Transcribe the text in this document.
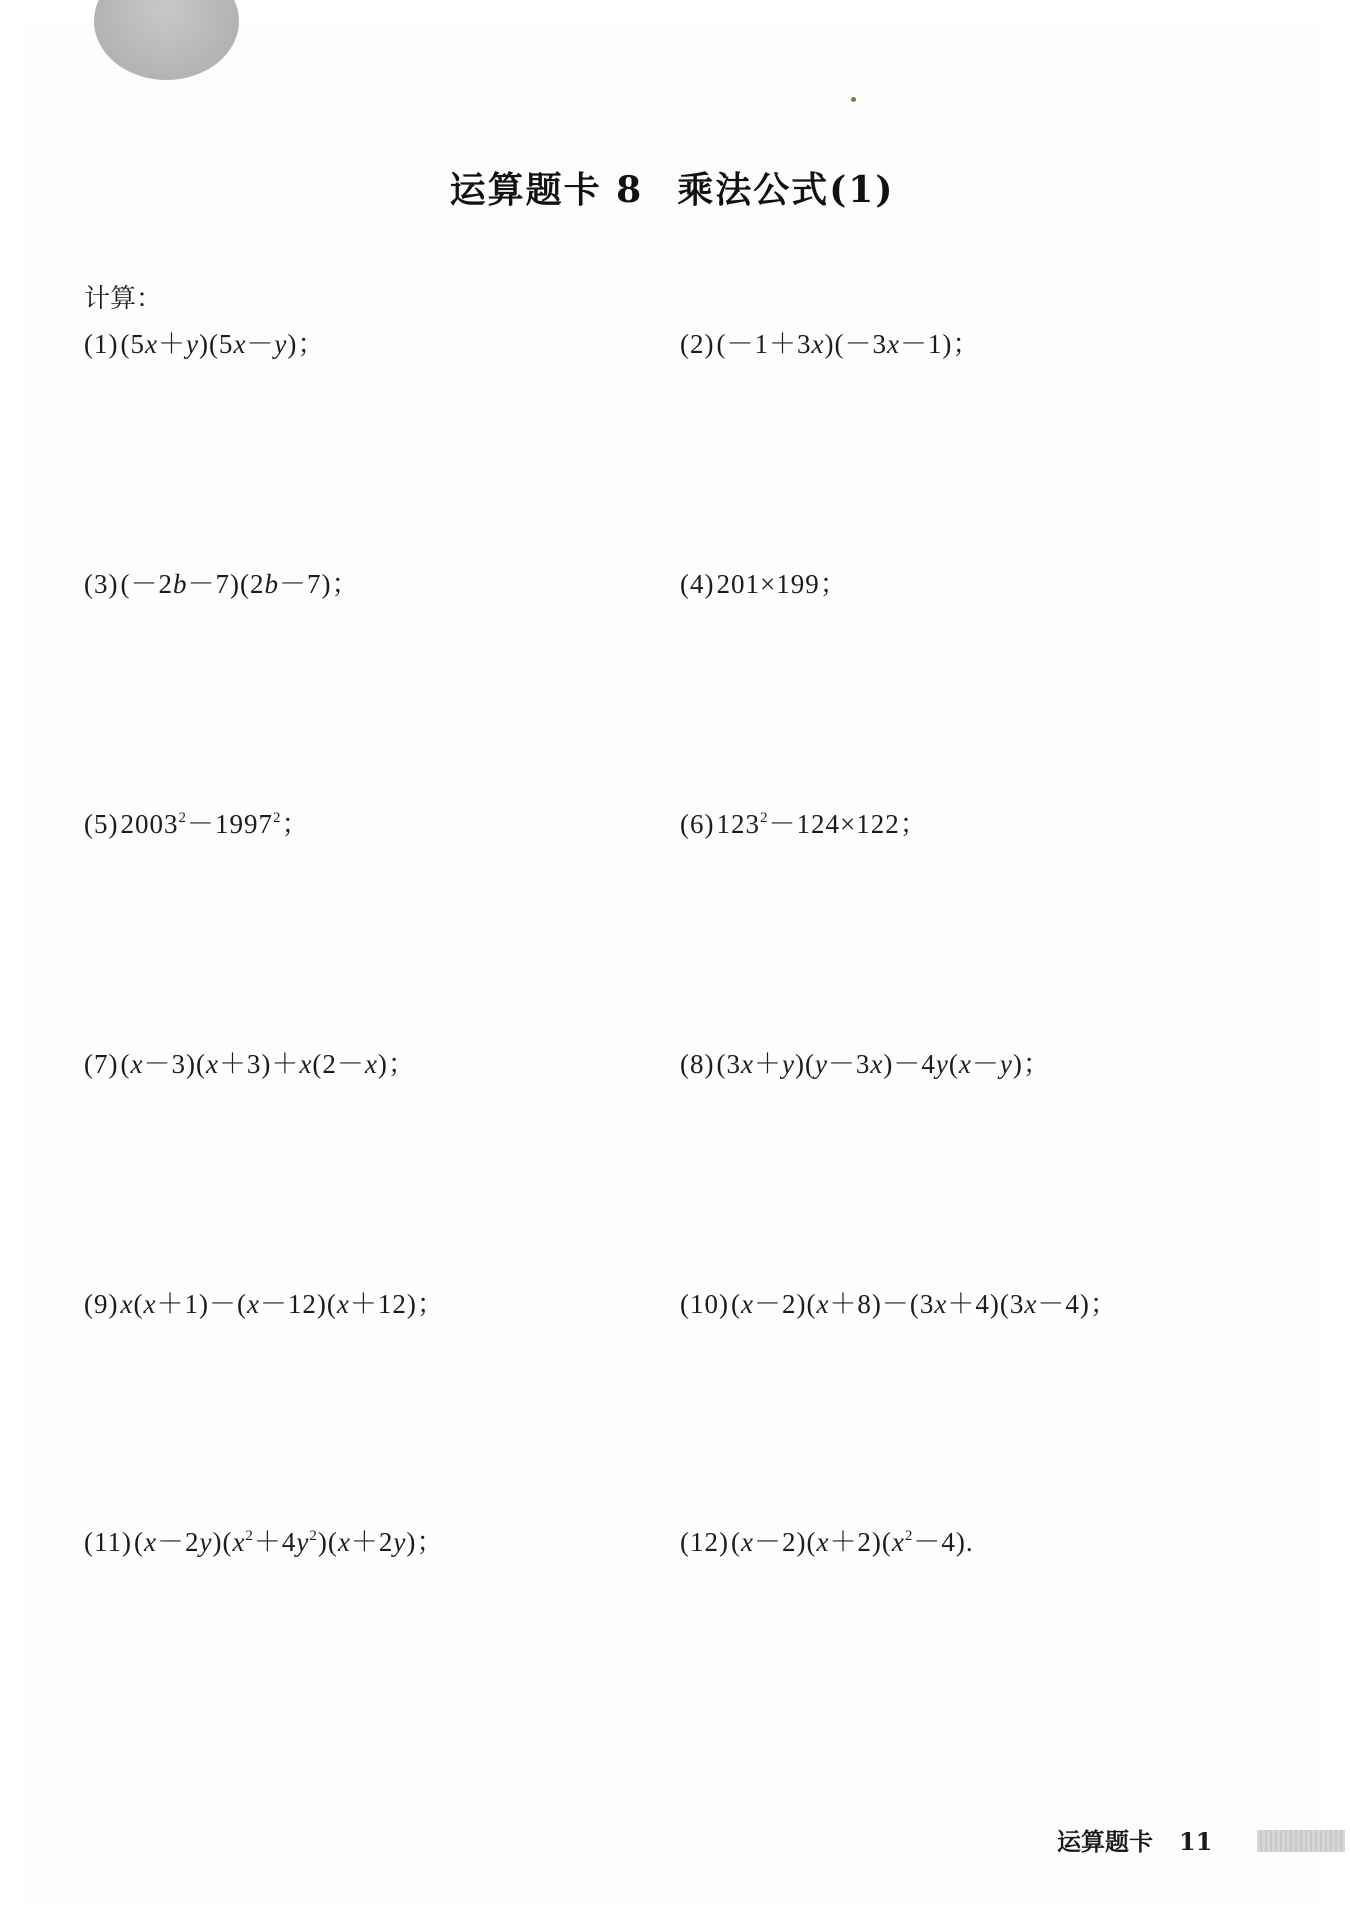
运算题卡 8 乘法公式(1)
计算：
(1)(5x＋y)(5x－y)；	(2)(－1＋3x)(－3x－1)；
(3)(－2b－7)(2b－7)；	(4)201×199；
$(5)2003^2-1997^2$；	$(6)123^2-124\times 122$；
(7)(x－3)(x＋3)＋x(2－x)；	(8)(3x＋y)(y－3x)－4y(x－y)；
(9)x(x＋1)－(x－12)(x＋12)；	(10)(x－2)(x＋8)－(3x＋4)(3x－4)；
$(11)(x-2y)(x^2+4y^2)(x+2y)$；	$(12)(x-2)(x+2)(x^2-4)$.
运算题卡 11
